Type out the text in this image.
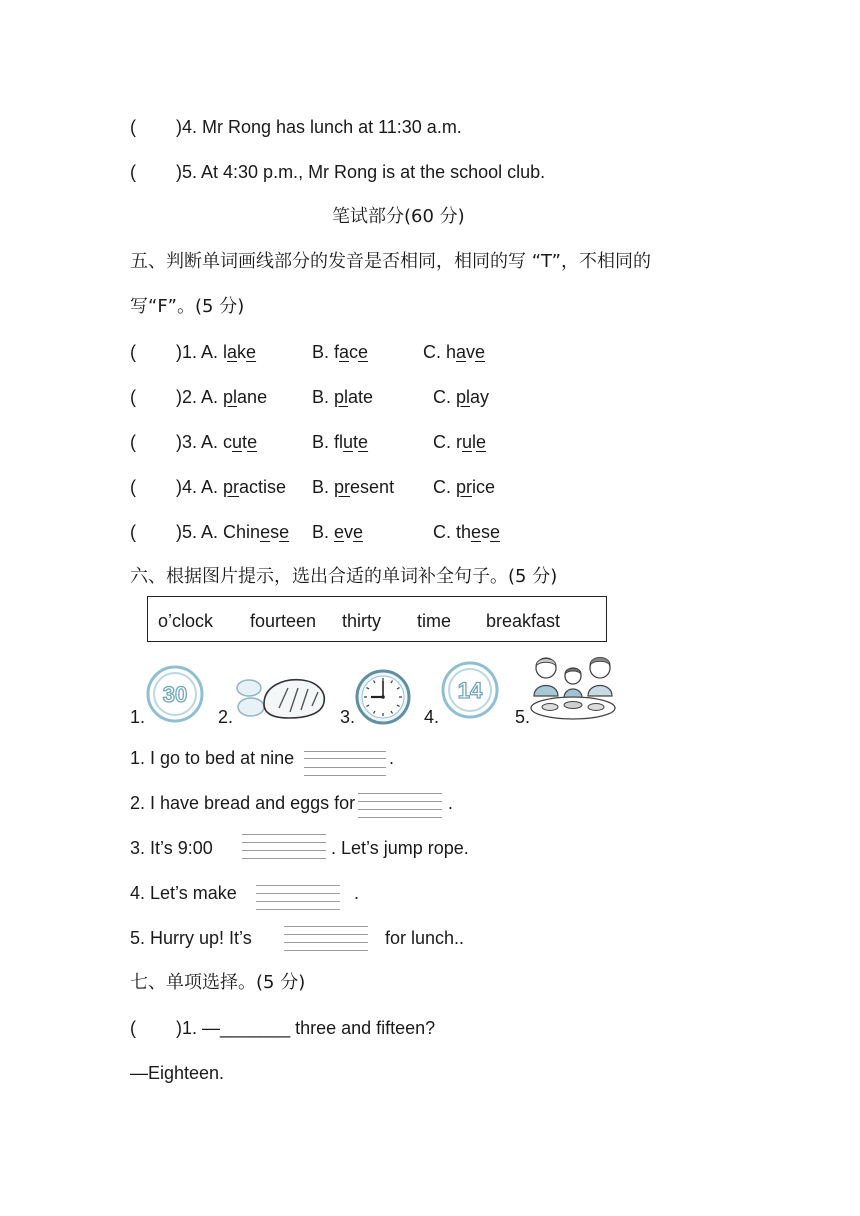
( )4. Mr Rong has lunch at 11:30 a.m.
( )5. At 4:30 p.m., Mr Rong is at the school club.
笔试部分(60 分)
五、判断单词画线部分的发音是否相同，相同的写 “T”，不相同的
写“F”。(5 分)
( )1. A. lake	B. face	C. have
( )2. A. plane B. plate	C. play
( )3. A. cute	B. flute	C. rule
( )4. A. practise B. present C. price
( )5. A. Chinese B. eve	C. these
六、根据图片提示，选出合适的单词补全句子。(5 分)
o’clock fourteen thirty time breakfast
1.	2.	3.	4.	5.
30	14
1. I go to bed at nine	.
2. I have bread and eggs for	.
3. It’s 9:00	. Let’s jump rope.
4. Let’s make	.
5. Hurry up! It’s	for lunch..
七、单项选择。(5 分)
( )1. —_______ three and fifteen?
—Eighteen.
